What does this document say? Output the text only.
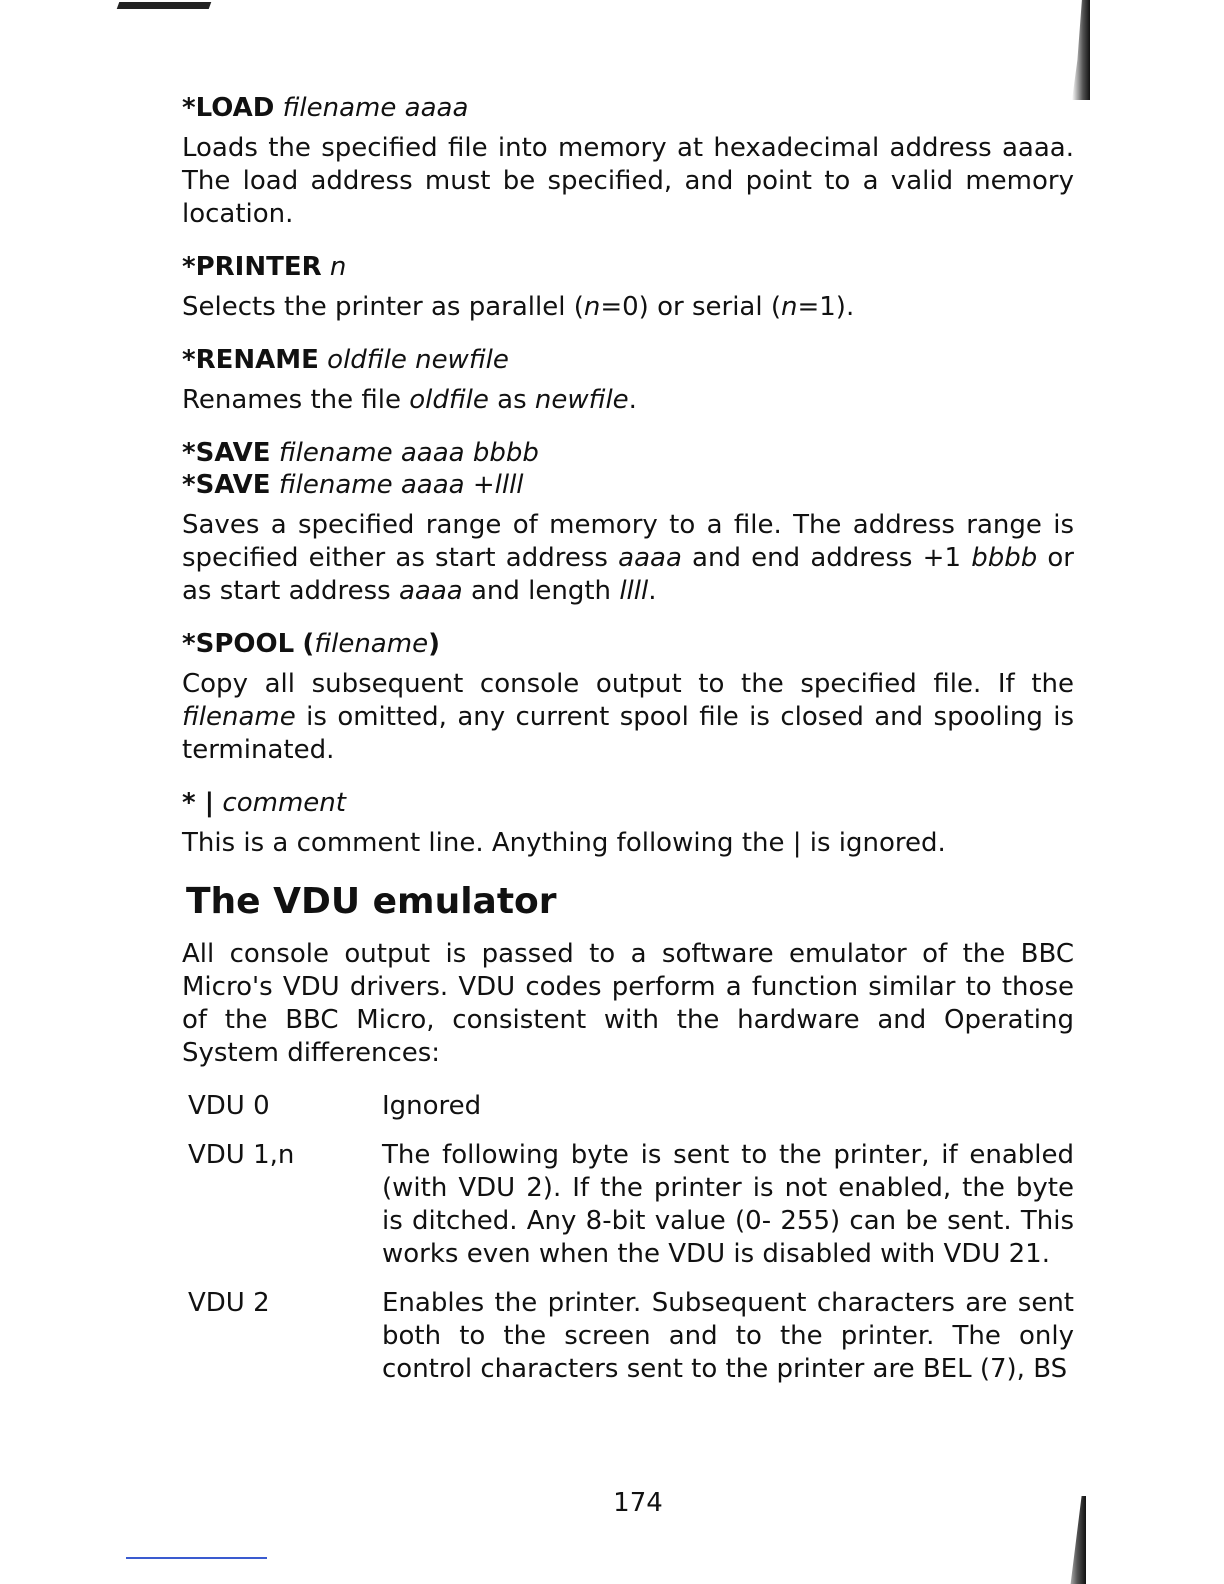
*LOAD filename aaaa

Loads the specified file into memory at hexadecimal address aaaa. The load address must be specified, and point to a valid memory location.

*PRINTER n

Selects the printer as parallel (n=0) or serial (n=1).

*RENAME oldfile newfile

Renames the file oldfile as newfile.

*SAVE filename aaaa bbbb
*SAVE filename aaaa +llll

Saves a specified range of memory to a file. The address range is specified either as start address aaaa and end address +1 bbbb or as start address aaaa and length llll.

*SPOOL (filename)

Copy all subsequent console output to the specified file. If the filename is omitted, any current spool file is closed and spooling is terminated.

* | comment

This is a comment line. Anything following the | is ignored.

The VDU emulator

All console output is passed to a software emulator of the BBC Micro's VDU drivers. VDU codes perform a function similar to those of the BBC Micro, consistent with the hardware and Operating System differences:

VDU 0	Ignored
VDU 1,n	The following byte is sent to the printer, if enabled (with VDU 2). If the printer is not enabled, the byte is ditched. Any 8-bit value (0- 255) can be sent. This works even when the VDU is disabled with VDU 21.
VDU 2	Enables the printer. Subsequent characters are sent both to the screen and to the printer. The only control characters sent to the printer are BEL (7), BS
174
